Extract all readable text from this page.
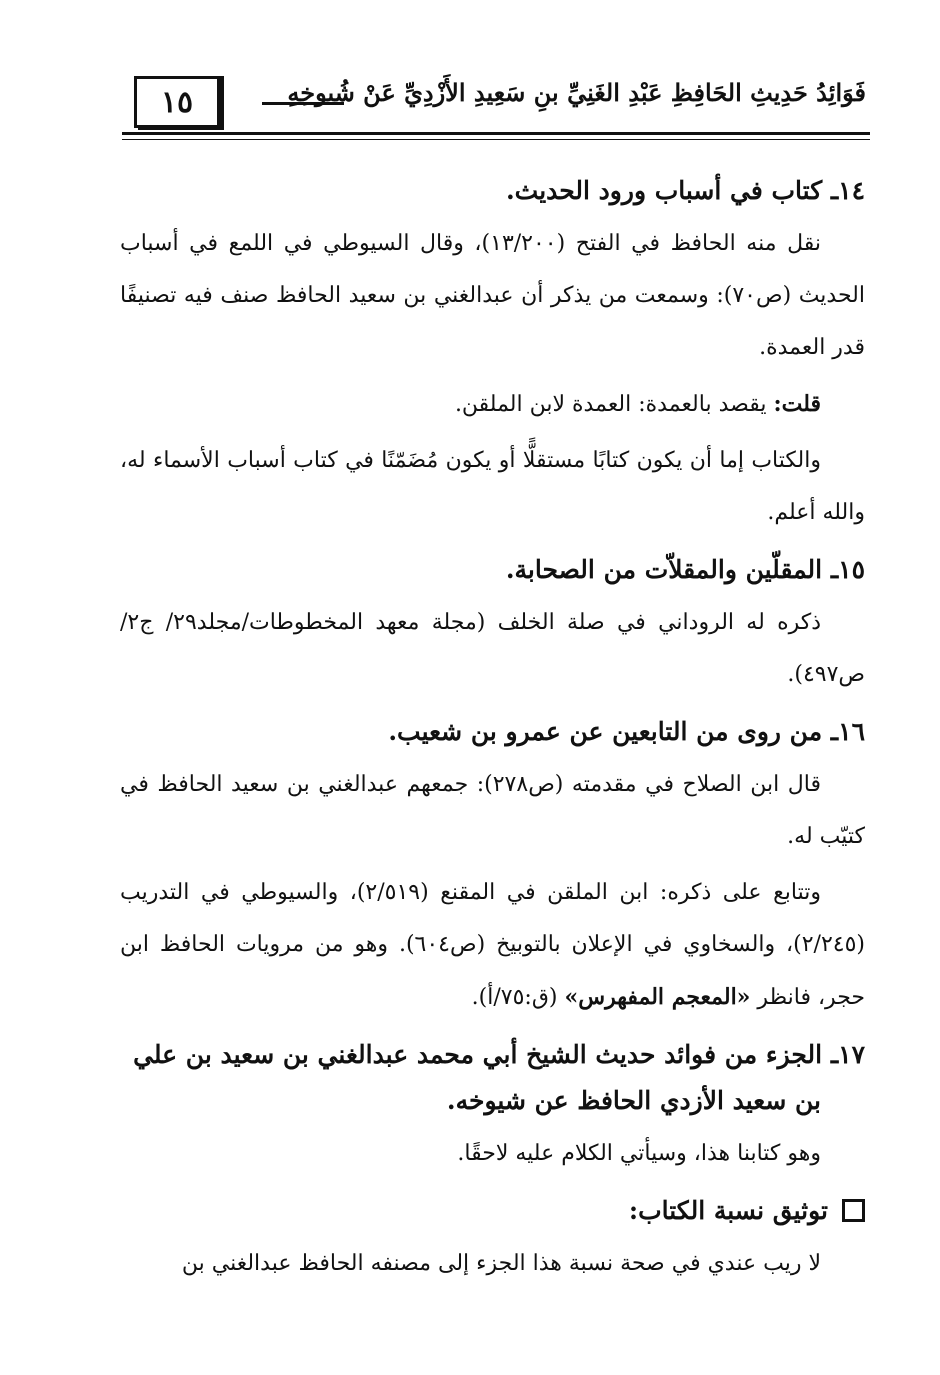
١٥	فَوَائِدُ حَدِيثِ الحَافِظِ عَبْدِ الغَنِيِّ بنِ سَعِيدِ الأَزْدِيِّ عَنْ شُيوخِهِ

١٤ـ كتاب في أسباب ورود الحديث.

نقل منه الحافظ في الفتح (١٣/٢٠٠)، وقال السيوطي في اللمع في أسباب الحديث (ص٧٠): وسمعت من يذكر أن عبدالغني بن سعيد الحافظ صنف فيه تصنيفًا قدر العمدة.

قلت: يقصد بالعمدة: العمدة لابن الملقن.

والكتاب إما أن يكون كتابًا مستقلًّا أو يكون مُضَمّنًا في كتاب أسباب الأسماء له، والله أعلم.

١٥ـ المقلّين والمقلاّت من الصحابة.

ذكره له الروداني في صلة الخلف (مجلة معهد المخطوطات/مجلد٢٩/ ج٢/ ص٤٩٧).

١٦ـ من روى من التابعين عن عمرو بن شعيب.

قال ابن الصلاح في مقدمته (ص٢٧٨): جمعهم عبدالغني بن سعيد الحافظ في كتيّب له.

وتتابع على ذكره: ابن الملقن في المقنع (٢/٥١٩)، والسيوطي في التدريب (٢/٢٤٥)، والسخاوي في الإعلان بالتوبيخ (ص٦٠٤). وهو من مرويات الحافظ ابن حجر، فانظر «المعجم المفهرس» (ق:٧٥/أ).

١٧ـ الجزء من فوائد حديث الشيخ أبي محمد عبدالغني بن سعيد بن علي بن سعيد الأزدي الحافظ عن شيوخه.

وهو كتابنا هذا، وسيأتي الكلام عليه لاحقًا.

توثيق نسبة الكتاب:

لا ريب عندي في صحة نسبة هذا الجزء إلى مصنفه الحافظ عبدالغني بن
